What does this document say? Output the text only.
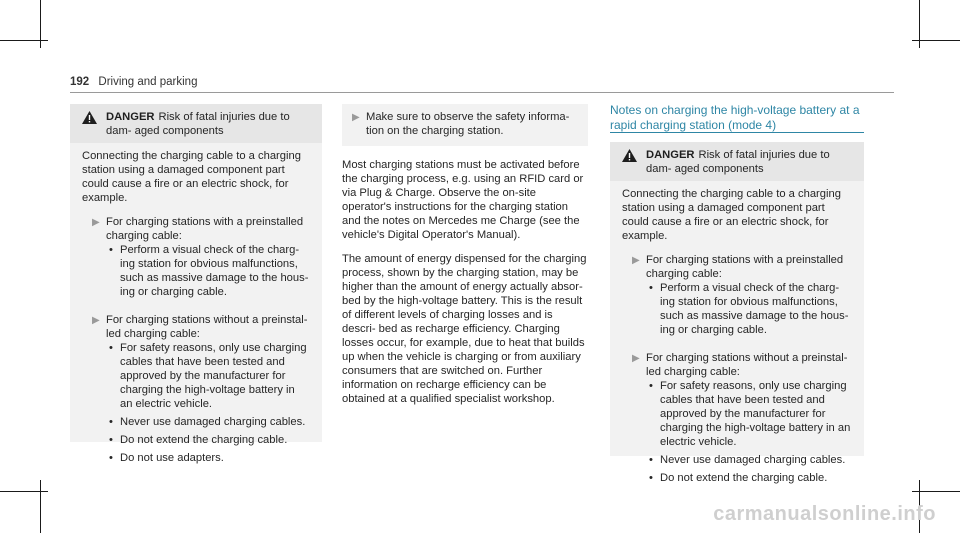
192 Driving and parking
DANGER Risk of fatal injuries due to dam- aged components

Connecting the charging cable to a charging station using a damaged component part could cause a fire or an electric shock, for example.

▶ For charging stations with a preinstalled charging cable:
• Perform a visual check of the charg- ing station for obvious malfunctions, such as massive damage to the hous- ing or charging cable.
▶ For charging stations without a preinstal- led charging cable:
• For safety reasons, only use charging cables that have been tested and approved by the manufacturer for charging the high-voltage battery in an electric vehicle.
• Never use damaged charging cables.
• Do not extend the charging cable.
• Do not use adapters.
▶ Make sure to observe the safety informa- tion on the charging station.

Most charging stations must be activated before the charging process, e.g. using an RFID card or via Plug & Charge. Observe the on-site operator's instructions for the charging station and the notes on Mercedes me Charge (see the vehicle's Digital Operator's Manual).

The amount of energy dispensed for the charging process, shown by the charging station, may be higher than the amount of energy actually absor- bed by the high-voltage battery. This is the result of different levels of charging losses and is descri- bed as recharge efficiency. Charging losses occur, for example, due to heat that builds up when the vehicle is charging or from auxiliary consumers that are switched on. Further information on recharge efficiency can be obtained at a qualified specialist workshop.

Notes on charging the high-voltage battery at a rapid charging station (mode 4)
DANGER Risk of fatal injuries due to dam- aged components

Connecting the charging cable to a charging station using a damaged component part could cause a fire or an electric shock, for example.

▶ For charging stations with a preinstalled charging cable:
• Perform a visual check of the charg- ing station for obvious malfunctions, such as massive damage to the hous- ing or charging cable.
▶ For charging stations without a preinstal- led charging cable:
• For safety reasons, only use charging cables that have been tested and approved by the manufacturer for charging the high-voltage battery in an electric vehicle.
• Never use damaged charging cables.
• Do not extend the charging cable.
carmanualsonline.info
